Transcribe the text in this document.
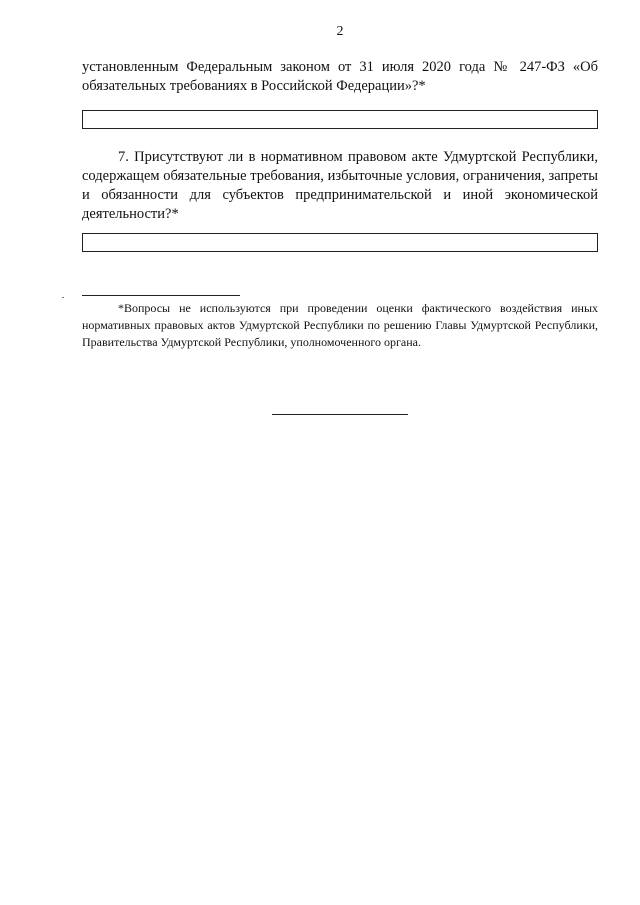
2
установленным Федеральным законом от 31 июля 2020 года № 247-ФЗ «Об обязательных требованиях в Российской Федерации»?*
7. Присутствуют ли в нормативном правовом акте Удмуртской Республики, содержащем обязательные требования, избыточные условия, ограничения, запреты и обязанности для субъектов предпринимательской и иной экономической деятельности?*
*Вопросы не используются при проведении оценки фактического воздействия иных нормативных правовых актов Удмуртской Республики по решению Главы Удмуртской Республики, Правительства Удмуртской Республики, уполномоченного органа.
